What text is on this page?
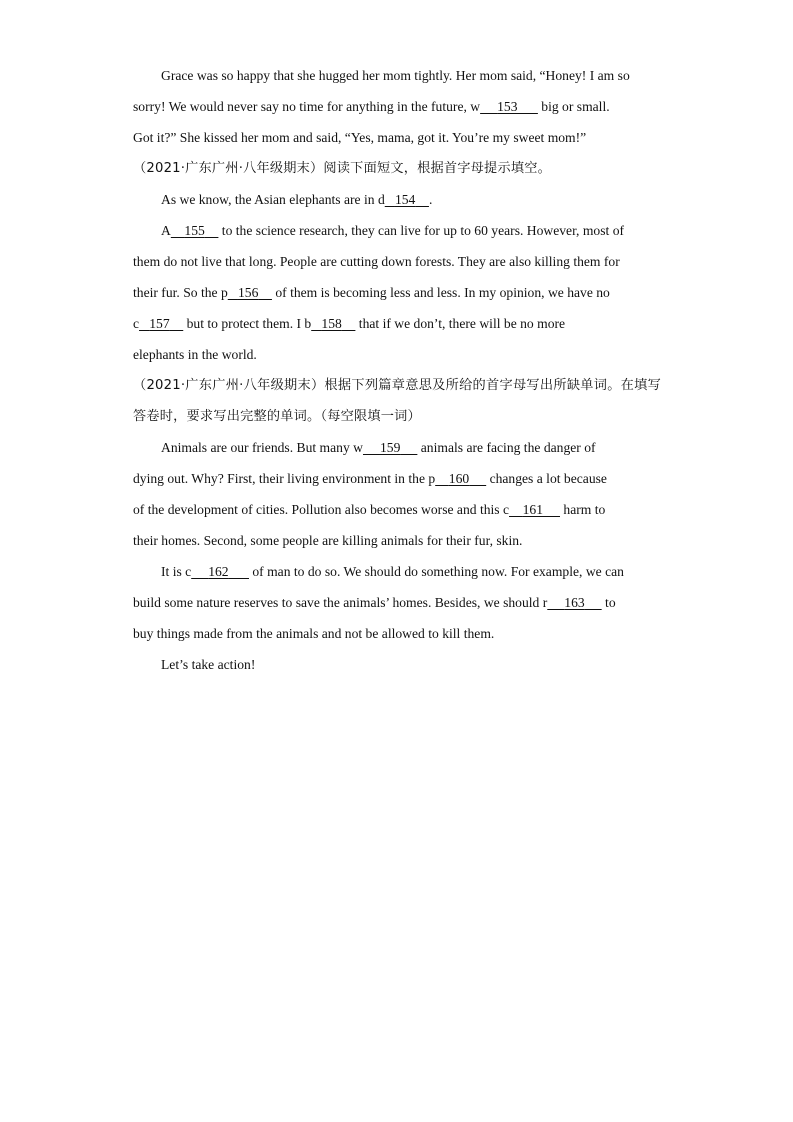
Grace was so happy that she hugged her mom tightly. Her mom said, “Honey! I am so

sorry! We would never say no time for anything in the future, w 153       big or small.

Got it?” She kissed her mom and said, “Yes, mama, got it. You’re my sweet mom!”

（2021·广东广州·八年级期末）阅读下面短文，根据首字母提示填空。

As we know, the Asian elephants are in d 154 .

A 155     to the science research, they can live for up to 60 years. However, most of

them do not live that long. People are cutting down forests. They are also killing them for

their fur. So the p 156     of them is becoming less and less. In my opinion, we have no

c 157     but to protect them. I b 158     that if we don’t, there will be no more

elephants in the world.

（2021·广东广州·八年级期末）根据下列篇章意思及所给的首字母写出所缺单词。在填写答卷时，要求写出完整的单词。（每空限填一词）

Animals are our friends. But many w 159      animals are facing the danger of

dying out. Why? First, their living environment in the p 160      changes a lot because

of the development of cities. Pollution also becomes worse and this c 161      harm to

their homes. Second, some people are killing animals for their fur, skin.

It is c 162       of man to do so. We should do something now. For example, we can

build some nature reserves to save the animals’ homes. Besides, we should r 163      to

buy things made from the animals and not be allowed to kill them.

Let’s take action!
